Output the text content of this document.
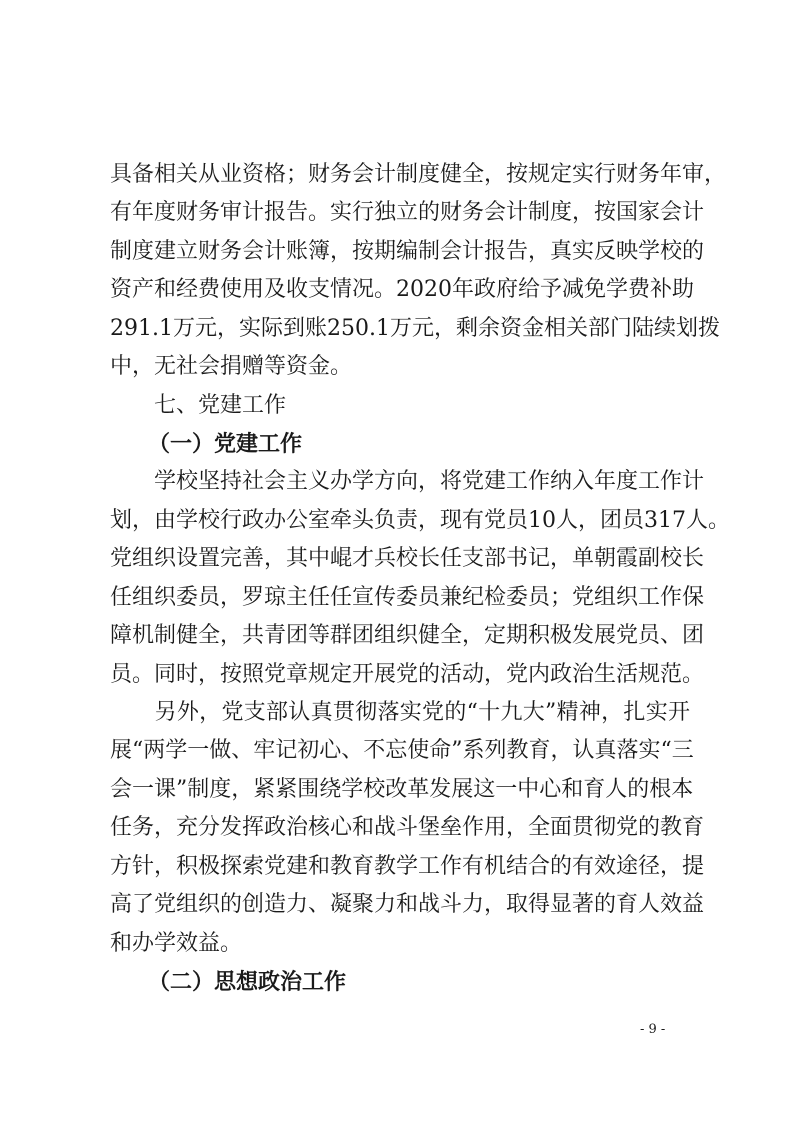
具备相关从业资格；财务会计制度健全，按规定实行财务年审，
有年度财务审计报告。实行独立的财务会计制度，按国家会计
制度建立财务会计账簿，按期编制会计报告，真实反映学校的
资产和经费使用及收支情况。2020年政府给予减免学费补助
291.1万元，实际到账250.1万元，剩余资金相关部门陆续划拨
中，无社会捐赠等资金。
七、党建工作
（一）党建工作
　　学校坚持社会主义办学方向，将党建工作纳入年度工作计
划，由学校行政办公室牵头负责，现有党员10人，团员317人。
党组织设置完善，其中崐才兵校长任支部书记，单朝霞副校长
任组织委员，罗琼主任任宣传委员兼纪检委员；党组织工作保
障机制健全，共青团等群团组织健全，定期积极发展党员、团
员。同时，按照党章规定开展党的活动，党内政治生活规范。
　　另外，党支部认真贯彻落实党的“十九大”精神，扎实开
展“两学一做、牢记初心、不忘使命”系列教育，认真落实“三
会一课”制度，紧紧围绕学校改革发展这一中心和育人的根本
任务，充分发挥政治核心和战斗堡垒作用，全面贯彻党的教育
方针，积极探索党建和教育教学工作有机结合的有效途径，提
高了党组织的创造力、凝聚力和战斗力，取得显著的育人效益
和办学效益。
（二）思想政治工作
- 9 -
